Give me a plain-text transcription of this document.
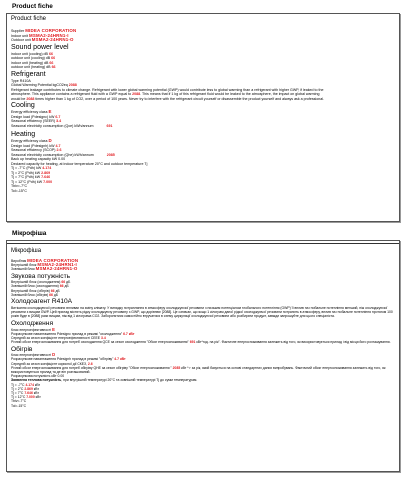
Product fiche
Product fiche
Supplier MIDEA CORPORATION
Indoor unit MSMA2-24HRN1-I
Outdoor unit MSMA2-24HRN1-O
Sound power level
indoor unit (cooling) dB 66
outdoor unit (cooling) dB 66
indoor unit (heating) dB 66
outdoor unit (heating) dB 66
Refrigerant
Type R410A
Global Warming Potential kgCO2eq 2088
Refrigerant leakage contributes to climate change. Refrigerant with lower global warming potential (GWP) would contribute less to global warming than a refrigerant with higher GWP, if leaked to the
atmosphere. This appliance contains a refrigerant fluid with a GWP equal to 2088. This means that if 1 kg of this refrigerant fluid would be leaked to the atmosphere, the impact on global warming
would be 2088 times higher than 1 kg of CO2, over a period of 100 years. Never try to interfere with the refrigerant circuit yourself or disassemble the product yourself and always ask a professional.
Cooling
Energy efficiency class E
Design load (Pdesignc) kW 6.7
Seasonal efficiency (SEER) 3.4
Seasonal electricity consumption (Qce) kWh/annum	691
Heating
Energy efficiency class D
Design load (Pdesignh) kW 4.7
Seasonal efficiency (SCOP) 2.6
Seasonal electricity consumption (Qhe) kWh/annum	2085
Back up heating capacity kW 0.00
Declared capacity for heating, at indoor temperature 20°C and outdoor temperature Tj
Tj = -7°C (Pdh) kW 4.174
Tj = 2°C (Pdh) kW 2.869
Tj = 7°C (Pdh) kW 7.646
Tj = 12°C (Pdh) kW 7.000
Tbiv=-7°C
Tol=-15°C
Мікрофіша
Мікрофіша
Виробник MIDEA CORPORATION
Внутрішній блок MSMA2-24HRN1-I
Зовнішній блок MSMA2-24HRN1-O
Звукова потужність
Внутрішній блок (охолодження) 66 дБ
Зовнішній блок (охолодження) 66 дБ
Внутрішній блок (обігрів) 66 дБ
Зовнішній блок (обігрів) 66 дБ
Холодоагент R410A
Витікання охолоджуючої речовини впливає на зміну клімату. У випадку потрапляння в атмосферу охолоджуючої речовини з низьким потенціалом глобального потепління (GWP) її вплив на глобальне потепління менший, ніж охолоджуючої речовини з вищим GWP. Цей прилад містить рідку охолоджуючу речовину з GWP, що дорівнює [2088]. Це означає, що якщо 1 кілограм даної рідкої охолоджуючої речовини потрапить в атмосферу, вплив на глобальне потепління протягом 100 років буде в [2088] рази вищим, ніж від 1 кілограма CO2. Заборонятися самостійно втручатися в схему циркуляції охолоджуючої речовини або розбирати продукт, завжди запрошуйте для цього спеціаліста.
Охолодження
Клас енергоефективності E
Розрахункове навантаження Pdesignc прилад в режимі "охолодження" 6.7 кВт
Середній за сезон коефіцієнт енергоефективності СЕЕЕ 3.4
Річний обсяг енергоспоживання для потреб охолодження QCE за сезон охолодження "Обсяг енергоспоживання" 691 кВт*год. на рік". Фактичне енергоспоживання залежить від того, як використовується прилад і від місця його розташування.
Обігрів
Клас енергоефективності D
Розрахункове навантаження Pdesignh прилад в режимі "обігріву" 4.7 кВт
Середній за сезон коефіцієнт корисної дії СКЕЗ, 2.6
Річний обсяг енергоспоживання для потреб обігріву QHE за сезон обігріву "Обсяг енергоспоживання " 2085 кВт * г за рік, який базується на основі стандартних даних випробувань. Фактичний обсяг енергоспоживання залежить від того, як використовується прилад та де він розташований.
Розрахункова потужність кВт 0.00
Заявлена теплова потужність, при внутрішній температурі 20°C та зовнішній температурі Tj до сумм температурам.
Tj = -7°C 4.174 кВт
Tj = 2°C 2.869 кВт
Tj = 7°C 7.646 кВт
Tj = 12°C 7.000 кВт
Tbiv=-7°C
Tol=-15°C
